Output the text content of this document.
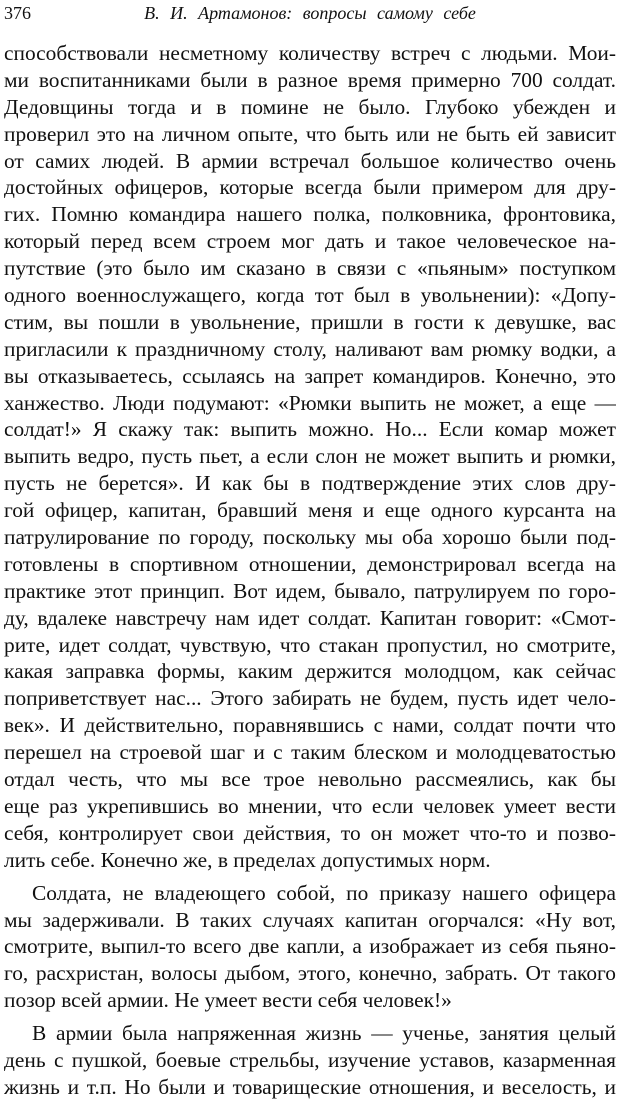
376	В. И. Артамонов: вопросы самому себе
способствовали несметному количеству встреч с людьми. Мои-
ми воспитанниками были в разное время примерно 700 солдат.
Дедовщины тогда и в помине не было. Глубоко убежден и
проверил это на личном опыте, что быть или не быть ей зависит
от самих людей. В армии встречал большое количество очень
достойных офицеров, которые всегда были примером для дру-
гих. Помню командира нашего полка, полковника, фронтовика,
который перед всем строем мог дать и такое человеческое на-
путствие (это было им сказано в связи с «пьяным» поступком
одного военнослужащего, когда тот был в увольнении): «Допу-
стим, вы пошли в увольнение, пришли в гости к девушке, вас
пригласили к праздничному столу, наливают вам рюмку водки, а
вы отказываетесь, ссылаясь на запрет командиров. Конечно, это
ханжество. Люди подумают: «Рюмки выпить не может, а еще —
солдат!» Я скажу так: выпить можно. Но... Если комар может
выпить ведро, пусть пьет, а если слон не может выпить и рюмки,
пусть не берется». И как бы в подтверждение этих слов дру-
гой офицер, капитан, бравший меня и еще одного курсанта на
патрулирование по городу, поскольку мы оба хорошо были под-
готовлены в спортивном отношении, демонстрировал всегда на
практике этот принцип. Вот идем, бывало, патрулируем по горо-
ду, вдалеке навстречу нам идет солдат. Капитан говорит: «Смот-
рите, идет солдат, чувствую, что стакан пропустил, но смотрите,
какая заправка формы, каким держится молодцом, как сейчас
поприветствует нас... Этого забирать не будем, пусть идет чело-
век». И действительно, поравнявшись с нами, солдат почти что
перешел на строевой шаг и с таким блеском и молодцеватостью
отдал честь, что мы все трое невольно рассмеялись, как бы
еще раз укрепившись во мнении, что если человек умеет вести
себя, контролирует свои действия, то он может что-то и позво-
лить себе. Конечно же, в пределах допустимых норм.
Солдата, не владеющего собой, по приказу нашего офицера
мы задерживали. В таких случаях капитан огорчался: «Ну вот,
смотрите, выпил-то всего две капли, а изображает из себя пьяно-
го, расхристан, волосы дыбом, этого, конечно, забрать. От такого
позор всей армии. Не умеет вести себя человек!»
В армии была напряженная жизнь — ученье, занятия целый
день с пушкой, боевые стрельбы, изучение уставов, казарменная
жизнь и т.п. Но были и товарищеские отношения, и веселость, и
